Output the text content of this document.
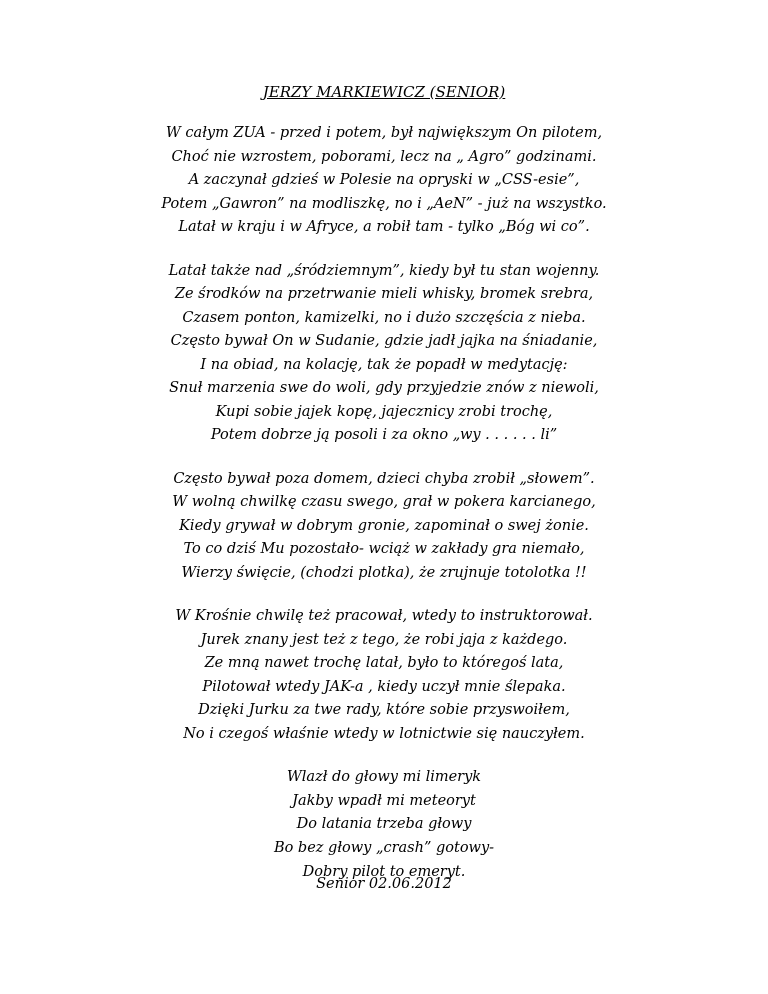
JERZY MARKIEWICZ (SENIOR)
W całym ZUA - przed i potem, był największym On pilotem,
Choć nie wzrostem, poborami, lecz na „ Agro” godzinami.
A zaczynał gdzieś w Polesie na opryski w „CSS-esie”,
Potem „Gawron” na modliszkę, no i „AeN” - już na wszystko.
Latał w kraju i w Afryce, a robił tam - tylko „Bóg wi co”.
Latał także nad „śródziemnym”, kiedy był tu stan wojenny.
Ze środków na przetrwanie mieli whisky, bromek srebra,
Czasem ponton, kamizelki, no i dużo szczęścia z nieba.
Często bywał On w Sudanie, gdzie jadł jajka na śniadanie,
I na obiad, na kolację, tak że popadł w medytację:
Snuł marzenia swe do woli, gdy przyjedzie znów z niewoli,
Kupi sobie jajek kopę, jajecznicy zrobi trochę,
Potem dobrze ją posoli i za okno „wy . . . . . . li”
Często bywał poza domem, dzieci chyba zrobił „słowem”.
W wolną chwilkę czasu swego, grał w pokera karcianego,
Kiedy grywał w dobrym gronie, zapominał o swej żonie.
To co dziś Mu pozostało- wciąż w zakłady gra niemało,
Wierzy święcie, (chodzi plotka), że zrujnuje totolotka !!
W Krośnie chwilę też pracował, wtedy to instruktorował.
Jurek znany jest też z tego, że robi jaja z każdego.
Ze mną nawet trochę latał, było to któregoś lata,
Pilotował wtedy JAK-a , kiedy uczył mnie ślepaka.
Dzięki Jurku za twe rady, które sobie przyswoiłem,
No i czegoś właśnie wtedy w lotnictwie się nauczyłem.
Wlazł do głowy mi limeryk
Jakby wpadł mi meteoryt
Do latania trzeba głowy
Bo bez głowy „crash” gotowy-
Dobry pilot to emeryt.
Senior 02.06.2012
